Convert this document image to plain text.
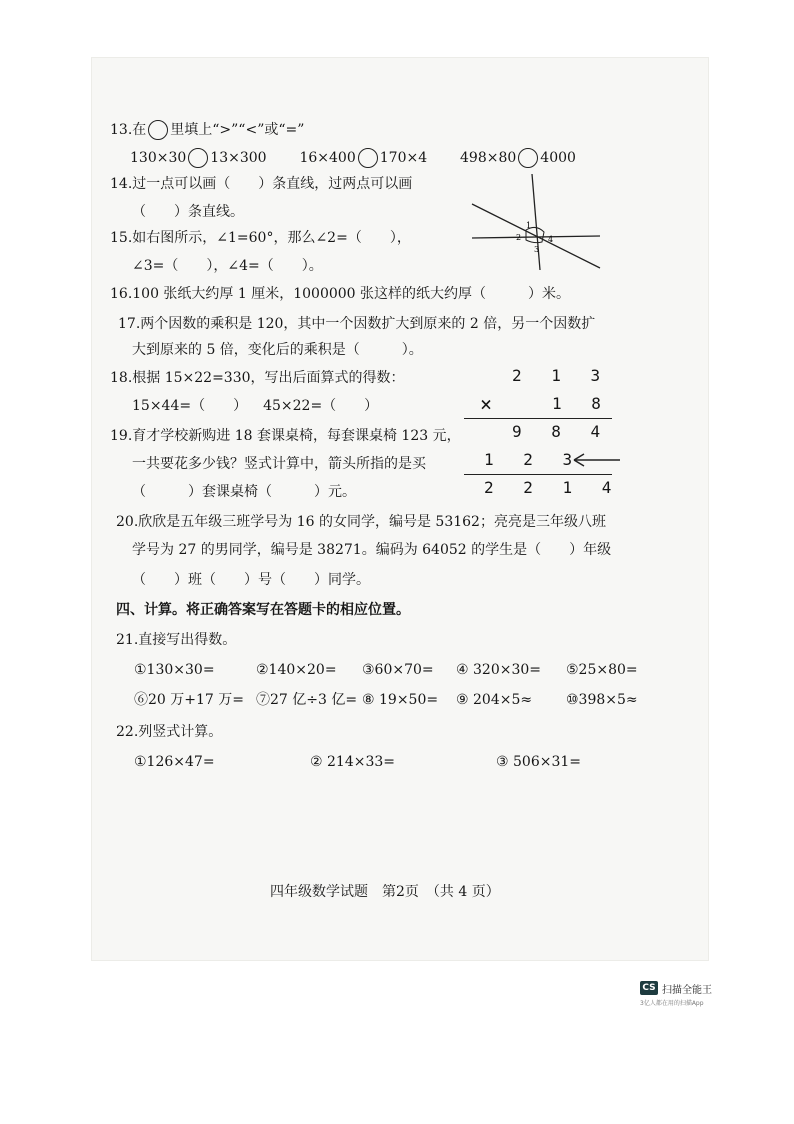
13.在 里填上“>”“<”或“=”
130×30 13×300 16×400 170×4 498×80 4000
14.过一点可以画（　　）条直线，过两点可以画
（　　）条直线。
1
2
3
4
15.如右图所示，∠1=60°，那么∠2=（　　），
∠3=（　　），∠4=（　　）。
16.100 张纸大约厚 1 厘米，1000000 张这样的纸大约厚（　　　）米。
17.两个因数的乘积是 120，其中一个因数扩大到原来的 2 倍，另一个因数扩
大到原来的 5 倍，变化后的乘积是（　　　）。
18.根据 15×22=330，写出后面算式的得数：
15×44=（　　） 45×22=（　　）
2 1 3
×	1 8
9 8 4
1 2 3
2 2 1 4
19.育才学校新购进 18 套课桌椅，每套课桌椅 123 元，
一共要花多少钱？竖式计算中，箭头所指的是买
（　　　）套课桌椅（　　　）元。
20.欣欣是五年级三班学号为 16 的女同学，编号是 53162；亮亮是三年级八班
学号为 27 的男同学，编号是 38271。编码为 64052 的学生是（　　）年级
（　　）班（　　）号（　　）同学。
四、计算。将正确答案写在答题卡的相应位置。
21.直接写出得数。
①130×30=	②140×20= ③60×70= ④ 320×30= ⑤25×80=
⑥20 万+17 万= ⑦27 亿÷3 亿= ⑧ 19×50= ⑨ 204×5≈ ⑩398×5≈
22.列竖式计算。
①126×47=	② 214×33=	③ 506×31=
四年级数学试题　第2页　（共 4 页）
CS 扫描全能王
3亿人都在用的扫描App
